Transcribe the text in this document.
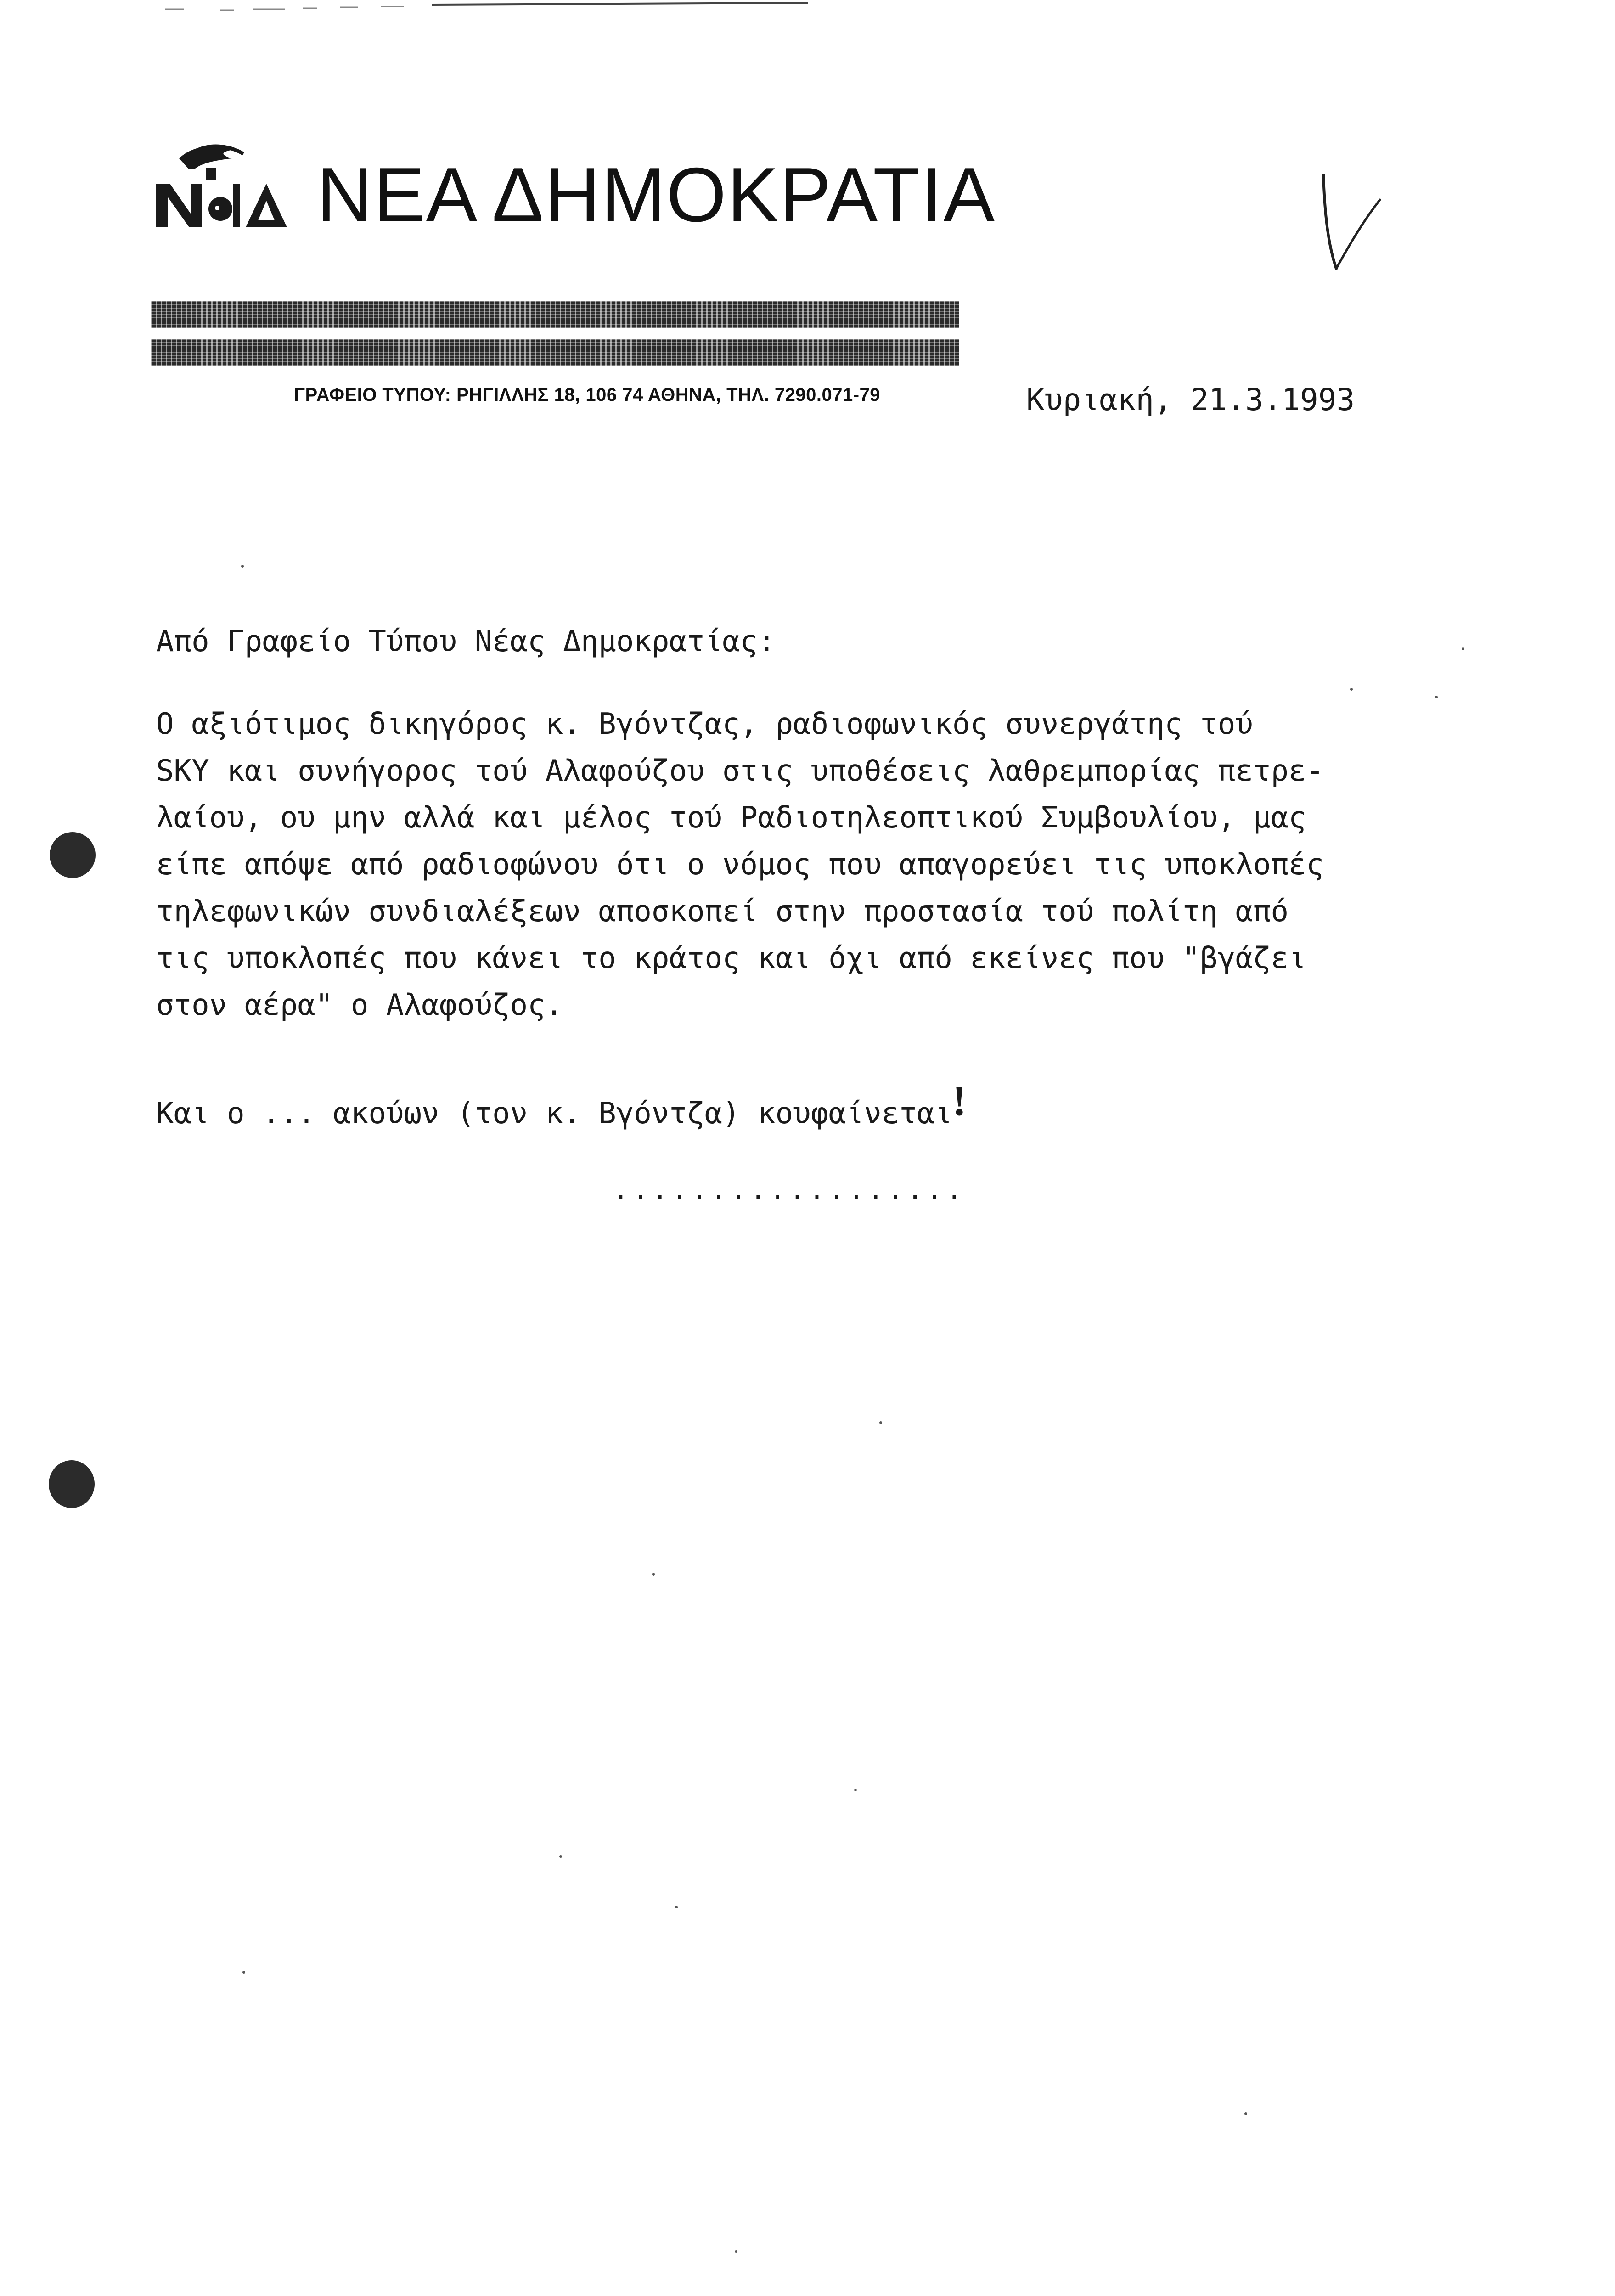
ΝΕΑ ΔΗΜΟΚΡΑΤΙΑ
ΓΡΑΦΕΙΟ ΤΥΠΟΥ: ΡΗΓΙΛΛΗΣ 18, 106 74 ΑΘΗΝΑ, ΤΗΛ. 7290.071-79	Κυριακή, 21.3.1993
Από Γραφείο Τύπου Νέας Δημοκρατίας:
Ο αξιότιμος δικηγόρος κ. Βγόντζας, ραδιοφωνικός συνεργάτης τού
SKY και συνήγορος τού Αλαφούζου στις υποθέσεις λαθρεμπορίας πετρε-
λαίου, ου μην αλλά και μέλος τού Ραδιοτηλεοπτικού Συμβουλίου, μας
είπε απόψε από ραδιοφώνου ότι ο νόμος που απαγορεύει τις υποκλοπές
τηλεφωνικών συνδιαλέξεων αποσκοπεί στην προστασία τού πολίτη από
τις υποκλοπές που κάνει το κράτος και όχι από εκείνες που "βγάζει
στον αέρα" ο Αλαφούζος.
Και ο ... ακούων (τον κ. Βγόντζα) κουφαίνεται!
..................
